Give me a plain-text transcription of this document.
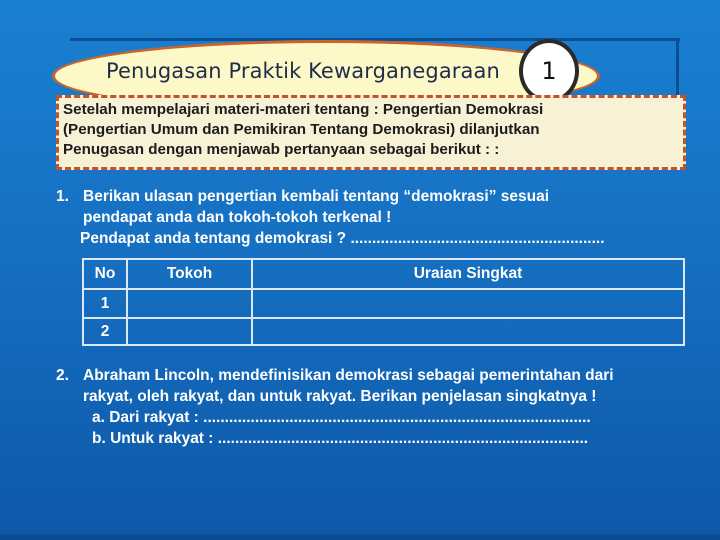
Penugasan Praktik Kewarganegaraan	1
Setelah mempelajari materi-materi tentang : Pengertian Demokrasi
(Pengertian Umum dan Pemikiran Tentang Demokrasi) dilanjutkan
Penugasan dengan menjawab pertanyaan sebagai berikut : :
1. Berikan ulasan pengertian kembali tentang “demokrasi” sesuai
pendapat anda dan tokoh-tokoh terkenal !
Pendapat anda tentang demokrasi ? ...........................................................
No	Tokoh	Uraian Singkat
1		
2		
2. Abraham Lincoln, mendefinisikan demokrasi sebagai pemerintahan dari
rakyat, oleh rakyat, dan untuk rakyat. Berikan penjelasan singkatnya !
a. Dari rakyat : ..........................................................................................
b. Untuk rakyat : ......................................................................................
